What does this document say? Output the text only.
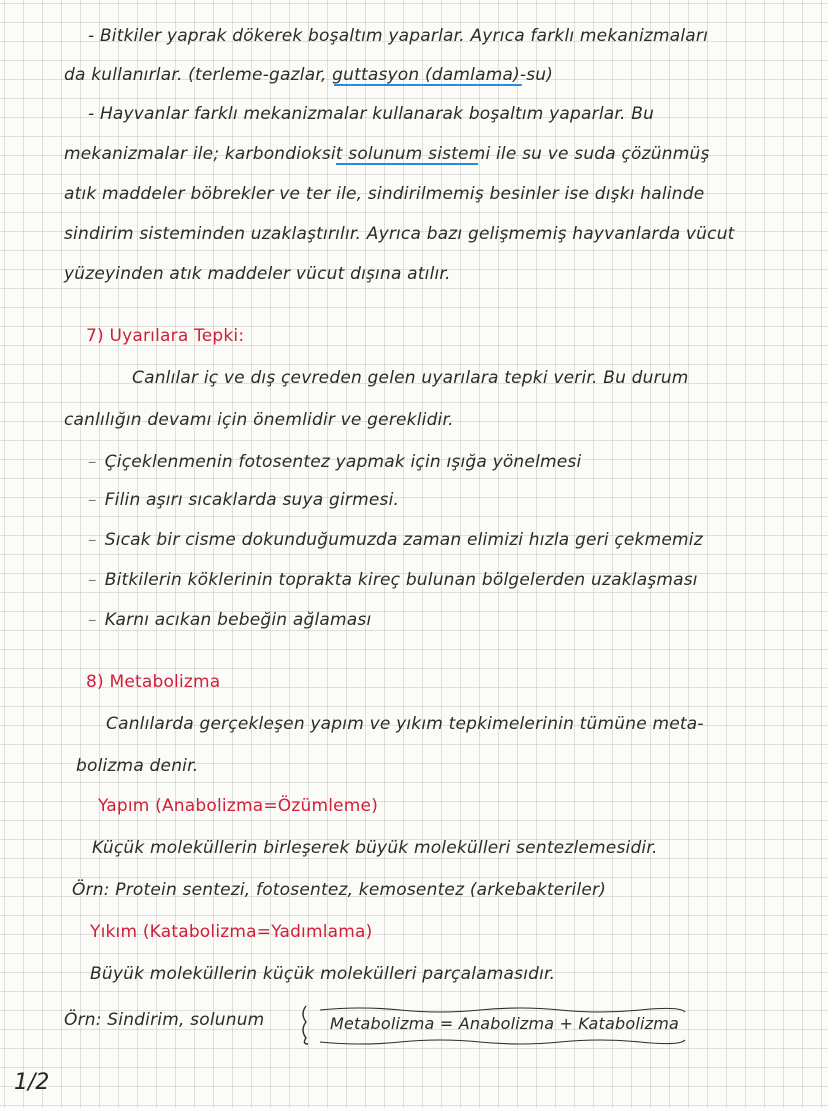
- Bitkiler yaprak dökerek boşaltım yaparlar. Ayrıca farklı mekanizmaları
da kullanırlar. (terleme-gazlar, guttasyon (damlama)-su)
- Hayvanlar farklı mekanizmalar kullanarak boşaltım yaparlar. Bu
mekanizmalar ile; karbondioksit solunum sistemi ile su ve suda çözünmüş
atık maddeler böbrekler ve ter ile, sindirilmemiş besinler ise dışkı halinde
sindirim sisteminden uzaklaştırılır. Ayrıca bazı gelişmemiş hayvanlarda vücut
yüzeyinden atık maddeler vücut dışına atılır.
7) Uyarılara Tepki:
Canlılar iç ve dış çevreden gelen uyarılara tepki verir. Bu durum
canlılığın devamı için önemlidir ve gereklidir.
– Çiçeklenmenin fotosentez yapmak için ışığa yönelmesi
– Filin aşırı sıcaklarda suya girmesi.
– Sıcak bir cisme dokunduğumuzda zaman elimizi hızla geri çekmemiz
– Bitkilerin köklerinin toprakta kireç bulunan bölgelerden uzaklaşması
– Karnı acıkan bebeğin ağlaması
8) Metabolizma
Canlılarda gerçekleşen yapım ve yıkım tepkimelerinin tümüne meta-
bolizma denir.
Yapım (Anabolizma=Özümleme)
Küçük moleküllerin birleşerek büyük molekülleri sentezlemesidir.
Örn: Protein sentezi, fotosentez, kemosentez (arkebakteriler)
Yıkım (Katabolizma=Yadımlama)
Büyük moleküllerin küçük molekülleri parçalamasıdır.
Örn: Sindirim, solunum	Metabolizma = Anabolizma + Katabolizma
1/2
